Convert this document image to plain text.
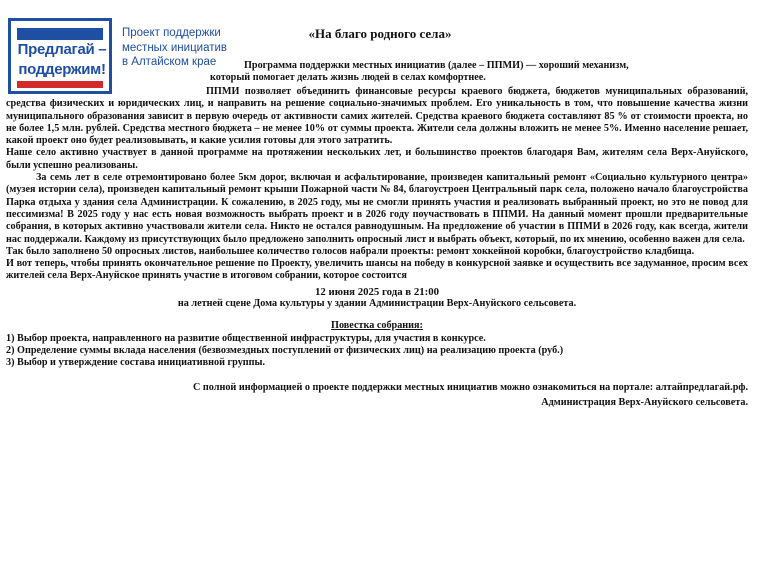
Предлагай –
поддержим!
Проект поддержки
местных инициатив
в Алтайском крае
«На благо родного села»

Программа поддержки местных инициатив (далее – ППМИ) — хороший механизм,

который помогает делать жизнь людей в селах комфортнее.

ППМИ позволяет объединить финансовые ресурсы краевого бюджета, бюджетов муниципальных образований, средства физических и юридических лиц, и направить на решение социально-значимых проблем. Его уникальность в том, что повышение качества жизни муниципального образования зависит в первую очередь от активности самих жителей. Средства краевого бюджета составляют 85 % от стоимости проекта, но не более 1,5 млн. рублей. Средства местного бюджета – не менее 10% от суммы проекта. Жители села должны вложить не менее 5%. Именно население решает, какой проект оно будет реализовывать, и какие усилия готовы для этого затратить.

Наше село активно участвует в данной программе на протяжении нескольких лет, и большинство проектов благодаря Вам, жителям села Верх-Ануйского, были успешно реализованы.

За семь лет в селе отремонтировано более 5км дорог, включая и асфальтирование, произведен капитальный ремонт «Социально культурного центра» (музея истории села), произведен капитальный ремонт крыши Пожарной части № 84, благоустроен Центральный парк села, положено начало благоустройства Парка отдыха у здания села Администрации. К сожалению, в 2025 году, мы не смогли принять участия и реализовать выбранный проект, но это не повод для пессимизма! В 2025 году у нас есть новая возможность выбрать проект и в 2026 году поучаствовать в ППМИ. На данный момент прошли предварительные собрания, в которых активно участвовали жители села. Никто не остался равнодушным. На предложение об участии в ППМИ в 2026 году, как всегда, жители нас поддержали. Каждому из присутствующих было предложено заполнить опросный лист и выбрать объект, который, по их мнению, особенно важен для села.

Так было заполнено 50 опросных листов, наибольшее количество голосов набрали проекты: ремонт хоккейной коробки, благоустройство кладбища.

И вот теперь, чтобы принять окончательное решение по Проекту, увеличить шансы на победу в конкурсной заявке и осуществить все задуманное, просим всех жителей села Верх-Ануйское принять участие в итоговом собрании, которое состоится

12 июня 2025 года в 21:00

на летней сцене Дома культуры у здании Администрации Верх-Ануйского сельсовета.

Повестка собрания:

1) Выбор проекта, направленного на развитие общественной инфраструктуры, для участия в конкурсе.

2) Определение суммы вклада населения (безвозмездных поступлений от физических лиц) на реализацию проекта (руб.)

3) Выбор и утверждение состава инициативной группы.

С полной информацией о проекте поддержки местных инициатив можно ознакомиться на портале: алтайпредлагай.рф.

Администрация Верх-Ануйского сельсовета.
